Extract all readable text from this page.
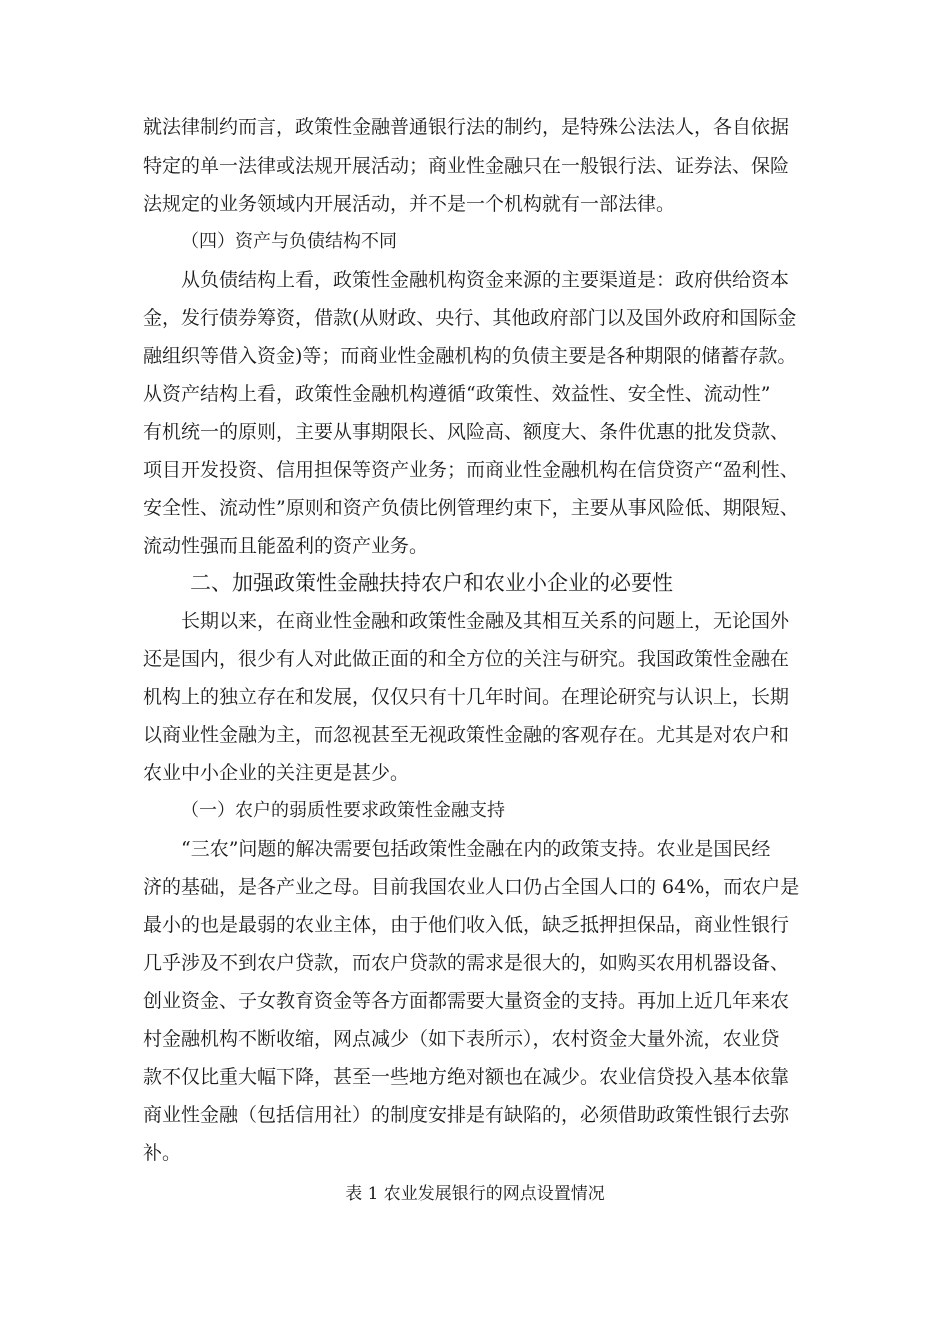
就法律制约而言，政策性金融普通银行法的制约，是特殊公法法人，各自依据
特定的单一法律或法规开展活动；商业性金融只在一般银行法、证券法、保险
法规定的业务领域内开展活动，并不是一个机构就有一部法律。
（四）资产与负债结构不同
从负债结构上看，政策性金融机构资金来源的主要渠道是：政府供给资本
金，发行债券筹资，借款(从财政、央行、其他政府部门以及国外政府和国际金
融组织等借入资金)等；而商业性金融机构的负债主要是各种期限的储蓄存款。
从资产结构上看，政策性金融机构遵循“政策性、效益性、安全性、流动性”
有机统一的原则，主要从事期限长、风险高、额度大、条件优惠的批发贷款、
项目开发投资、信用担保等资产业务；而商业性金融机构在信贷资产“盈利性、
安全性、流动性”原则和资产负债比例管理约束下，主要从事风险低、期限短、
流动性强而且能盈利的资产业务。
二、加强政策性金融扶持农户和农业小企业的必要性
长期以来，在商业性金融和政策性金融及其相互关系的问题上，无论国外
还是国内，很少有人对此做正面的和全方位的关注与研究。我国政策性金融在
机构上的独立存在和发展，仅仅只有十几年时间。在理论研究与认识上，长期
以商业性金融为主，而忽视甚至无视政策性金融的客观存在。尤其是对农户和
农业中小企业的关注更是甚少。
（一）农户的弱质性要求政策性金融支持
“三农”问题的解决需要包括政策性金融在内的政策支持。农业是国民经
济的基础，是各产业之母。目前我国农业人口仍占全国人口的 64%，而农户是
最小的也是最弱的农业主体，由于他们收入低，缺乏抵押担保品，商业性银行
几乎涉及不到农户贷款，而农户贷款的需求是很大的，如购买农用机器设备、
创业资金、子女教育资金等各方面都需要大量资金的支持。再加上近几年来农
村金融机构不断收缩，网点减少（如下表所示），农村资金大量外流，农业贷
款不仅比重大幅下降，甚至一些地方绝对额也在减少。农业信贷投入基本依靠
商业性金融（包括信用社）的制度安排是有缺陷的，必须借助政策性银行去弥
补。
表 1 农业发展银行的网点设置情况
